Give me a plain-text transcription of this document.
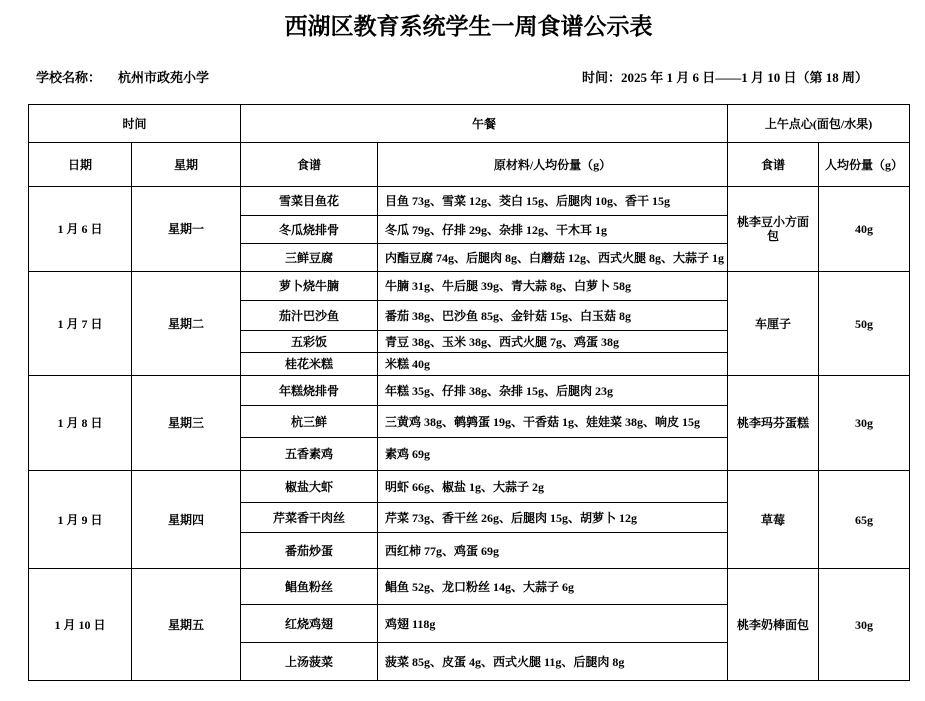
西湖区教育系统学生一周食谱公示表
学校名称： 杭州市政苑小学	时间：2025 年 1 月 6 日——1 月 10 日（第 18 周）
时间		午餐		上午点心(面包/水果)	
日期	星期	食谱	原材料/人均份量（g）	食谱	人均份量（g）
1 月 6 日	星期一	雪菜目鱼花	目鱼 73g、雪菜 12g、茭白 15g、后腿肉 10g、香干 15g	桃李豆小方面包	40g
		冬瓜烧排骨	冬瓜 79g、仔排 29g、杂排 12g、干木耳 1g		
		三鲜豆腐	内酯豆腐 74g、后腿肉 8g、白蘑菇 12g、西式火腿 8g、大蒜子 1g		
1 月 7 日	星期二	萝卜烧牛腩	牛腩 31g、牛后腿 39g、青大蒜 8g、白萝卜 58g	车厘子	50g
		茄汁巴沙鱼	番茄 38g、巴沙鱼 85g、金针菇 15g、白玉菇 8g		
		五彩饭	青豆 38g、玉米 38g、西式火腿 7g、鸡蛋 38g		
		桂花米糕	米糕 40g		
1 月 8 日	星期三	年糕烧排骨	年糕 35g、仔排 38g、杂排 15g、后腿肉 23g	桃李玛芬蛋糕	30g
		杭三鲜	三黄鸡 38g、鹌鹑蛋 19g、干香菇 1g、娃娃菜 38g、响皮 15g		
		五香素鸡	素鸡 69g		
1 月 9 日	星期四	椒盐大虾	明虾 66g、椒盐 1g、大蒜子 2g	草莓	65g
		芹菜香干肉丝	芹菜 73g、香干丝 26g、后腿肉 15g、胡萝卜 12g		
		番茄炒蛋	西红柿 77g、鸡蛋 69g		
1 月 10 日	星期五	鲳鱼粉丝	鲳鱼 52g、龙口粉丝 14g、大蒜子 6g	桃李奶棒面包	30g
		红烧鸡翅	鸡翅 118g		
		上汤菠菜	菠菜 85g、皮蛋 4g、西式火腿 11g、后腿肉 8g		
